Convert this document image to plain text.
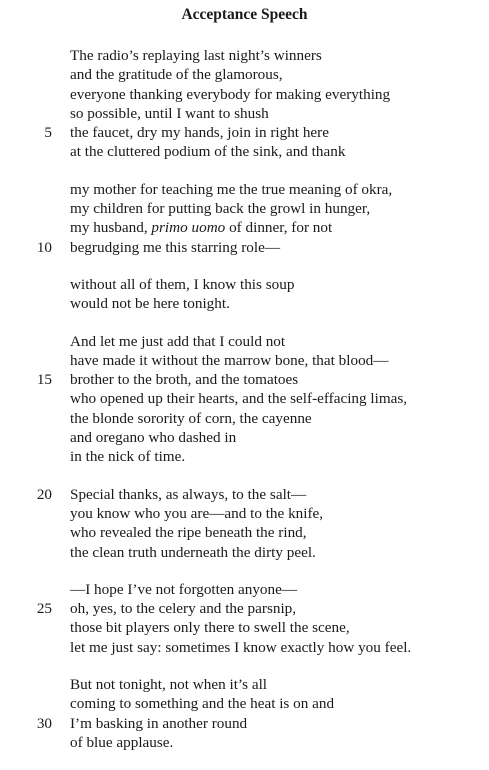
Acceptance Speech
The radio’s replaying last night’s winners
and the gratitude of the glamorous,
everyone thanking everybody for making everything
so possible, until I want to shush
5 the faucet, dry my hands, join in right here
at the cluttered podium of the sink, and thank
my mother for teaching me the true meaning of okra,
my children for putting back the growl in hunger,
my husband, primo uomo of dinner, for not
10 begrudging me this starring role—
without all of them, I know this soup
would not be here tonight.
And let me just add that I could not
have made it without the marrow bone, that blood—
15 brother to the broth, and the tomatoes
who opened up their hearts, and the self-effacing limas,
the blonde sorority of corn, the cayenne
and oregano who dashed in
in the nick of time.
20 Special thanks, as always, to the salt—
you know who you are—and to the knife,
who revealed the ripe beneath the rind,
the clean truth underneath the dirty peel.
—I hope I’ve not forgotten anyone—
25 oh, yes, to the celery and the parsnip,
those bit players only there to swell the scene,
let me just say: sometimes I know exactly how you feel.
But not tonight, not when it’s all
coming to something and the heat is on and
30 I’m basking in another round
of blue applause.
